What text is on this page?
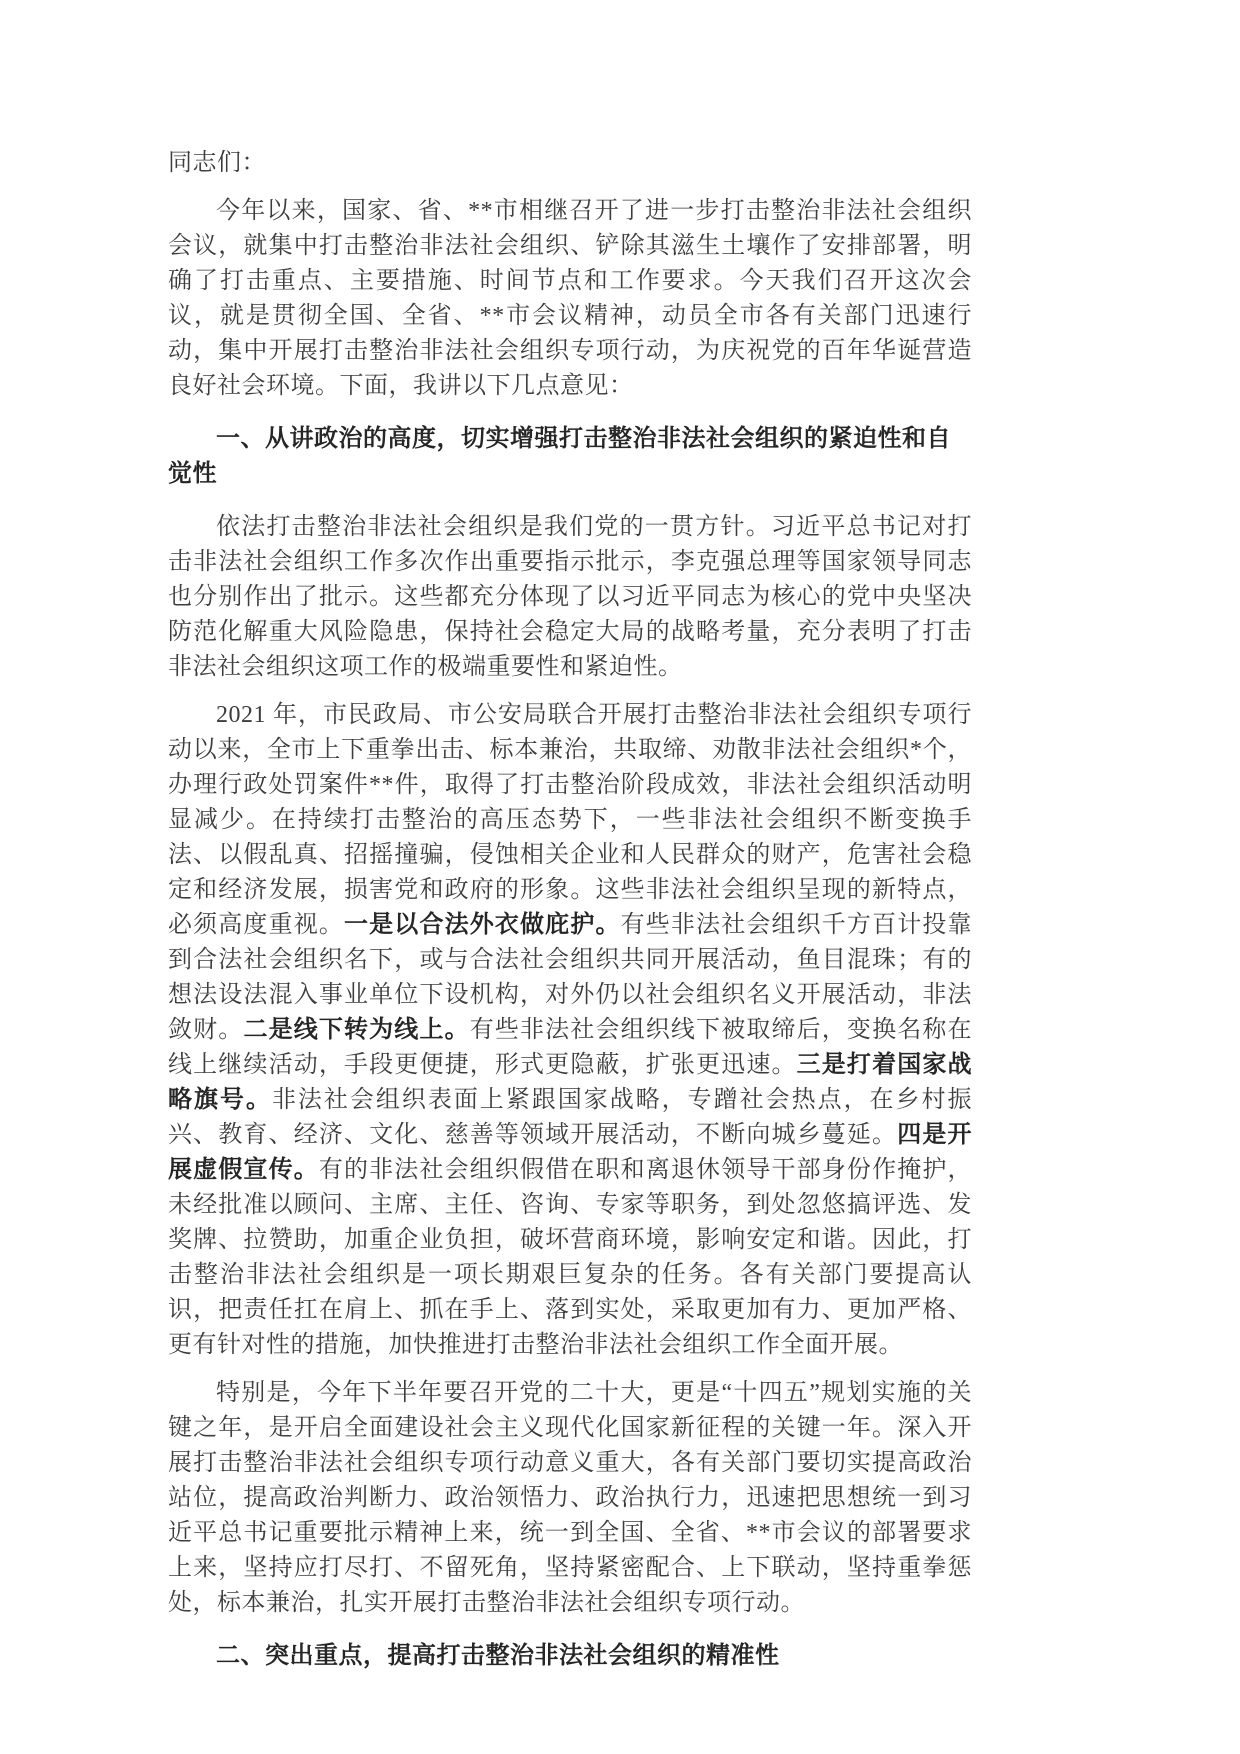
同志们：

今年以来，国家、省、**市相继召开了进一步打击整治非法社会组织会议，就集中打击整治非法社会组织、铲除其滋生土壤作了安排部署，明确了打击重点、主要措施、时间节点和工作要求。今天我们召开这次会议，就是贯彻全国、全省、**市会议精神，动员全市各有关部门迅速行动，集中开展打击整治非法社会组织专项行动，为庆祝党的百年华诞营造良好社会环境。下面，我讲以下几点意见：

一、从讲政治的高度，切实增强打击整治非法社会组织的紧迫性和自觉性

依法打击整治非法社会组织是我们党的一贯方针。习近平总书记对打击非法社会组织工作多次作出重要指示批示，李克强总理等国家领导同志也分别作出了批示。这些都充分体现了以习近平同志为核心的党中央坚决防范化解重大风险隐患，保持社会稳定大局的战略考量，充分表明了打击非法社会组织这项工作的极端重要性和紧迫性。

2021 年，市民政局、市公安局联合开展打击整治非法社会组织专项行动以来，全市上下重拳出击、标本兼治，共取缔、劝散非法社会组织*个，办理行政处罚案件**件，取得了打击整治阶段成效，非法社会组织活动明显减少。在持续打击整治的高压态势下，一些非法社会组织不断变换手法、以假乱真、招摇撞骗，侵蚀相关企业和人民群众的财产，危害社会稳定和经济发展，损害党和政府的形象。这些非法社会组织呈现的新特点，必须高度重视。一是以合法外衣做庇护。有些非法社会组织千方百计投靠到合法社会组织名下，或与合法社会组织共同开展活动，鱼目混珠；有的想法设法混入事业单位下设机构，对外仍以社会组织名义开展活动，非法敛财。二是线下转为线上。有些非法社会组织线下被取缔后，变换名称在线上继续活动，手段更便捷，形式更隐蔽，扩张更迅速。三是打着国家战略旗号。非法社会组织表面上紧跟国家战略，专蹭社会热点，在乡村振兴、教育、经济、文化、慈善等领域开展活动，不断向城乡蔓延。四是开展虚假宣传。有的非法社会组织假借在职和离退休领导干部身份作掩护，未经批准以顾问、主席、主任、咨询、专家等职务，到处忽悠搞评选、发奖牌、拉赞助，加重企业负担，破坏营商环境，影响安定和谐。因此，打击整治非法社会组织是一项长期艰巨复杂的任务。各有关部门要提高认识，把责任扛在肩上、抓在手上、落到实处，采取更加有力、更加严格、更有针对性的措施，加快推进打击整治非法社会组织工作全面开展。

特别是，今年下半年要召开党的二十大，更是“十四五”规划实施的关键之年，是开启全面建设社会主义现代化国家新征程的关键一年。深入开展打击整治非法社会组织专项行动意义重大，各有关部门要切实提高政治站位，提高政治判断力、政治领悟力、政治执行力，迅速把思想统一到习近平总书记重要批示精神上来，统一到全国、全省、**市会议的部署要求上来，坚持应打尽打、不留死角，坚持紧密配合、上下联动，坚持重拳惩处，标本兼治，扎实开展打击整治非法社会组织专项行动。

二、突出重点，提高打击整治非法社会组织的精准性
